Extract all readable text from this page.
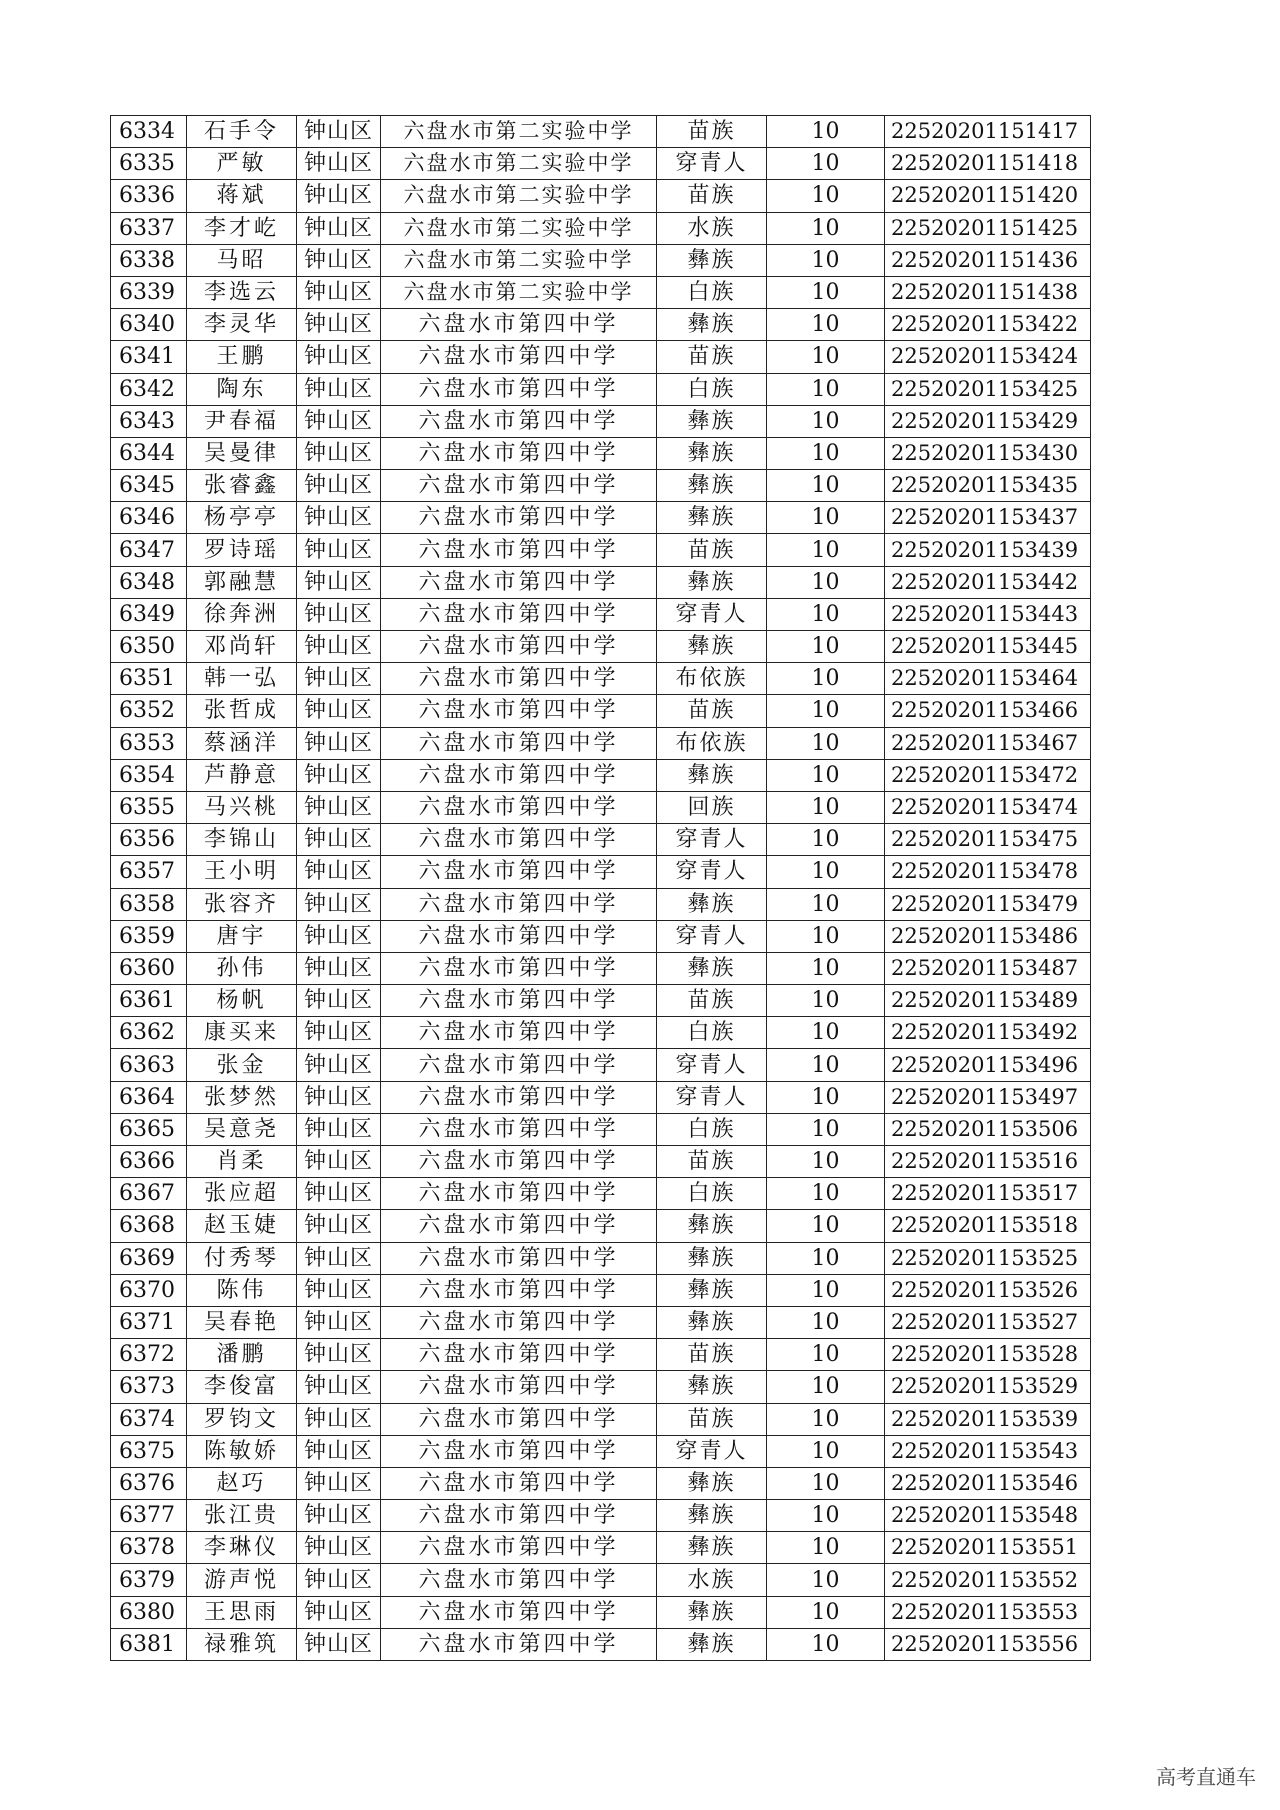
6334	石手令	钟山区	六盘水市第二实验中学	苗族	10	22520201151417
6335	严敏	钟山区	六盘水市第二实验中学	穿青人	10	22520201151418
6336	蒋斌	钟山区	六盘水市第二实验中学	苗族	10	22520201151420
6337	李才屹	钟山区	六盘水市第二实验中学	水族	10	22520201151425
6338	马昭	钟山区	六盘水市第二实验中学	彝族	10	22520201151436
6339	李选云	钟山区	六盘水市第二实验中学	白族	10	22520201151438
6340	李灵华	钟山区	六盘水市第四中学	彝族	10	22520201153422
6341	王鹏	钟山区	六盘水市第四中学	苗族	10	22520201153424
6342	陶东	钟山区	六盘水市第四中学	白族	10	22520201153425
6343	尹春福	钟山区	六盘水市第四中学	彝族	10	22520201153429
6344	吴曼律	钟山区	六盘水市第四中学	彝族	10	22520201153430
6345	张睿鑫	钟山区	六盘水市第四中学	彝族	10	22520201153435
6346	杨亭亭	钟山区	六盘水市第四中学	彝族	10	22520201153437
6347	罗诗瑶	钟山区	六盘水市第四中学	苗族	10	22520201153439
6348	郭融慧	钟山区	六盘水市第四中学	彝族	10	22520201153442
6349	徐奔洲	钟山区	六盘水市第四中学	穿青人	10	22520201153443
6350	邓尚轩	钟山区	六盘水市第四中学	彝族	10	22520201153445
6351	韩一弘	钟山区	六盘水市第四中学	布依族	10	22520201153464
6352	张哲成	钟山区	六盘水市第四中学	苗族	10	22520201153466
6353	蔡涵洋	钟山区	六盘水市第四中学	布依族	10	22520201153467
6354	芦静意	钟山区	六盘水市第四中学	彝族	10	22520201153472
6355	马兴桃	钟山区	六盘水市第四中学	回族	10	22520201153474
6356	李锦山	钟山区	六盘水市第四中学	穿青人	10	22520201153475
6357	王小明	钟山区	六盘水市第四中学	穿青人	10	22520201153478
6358	张容齐	钟山区	六盘水市第四中学	彝族	10	22520201153479
6359	唐宇	钟山区	六盘水市第四中学	穿青人	10	22520201153486
6360	孙伟	钟山区	六盘水市第四中学	彝族	10	22520201153487
6361	杨帆	钟山区	六盘水市第四中学	苗族	10	22520201153489
6362	康买来	钟山区	六盘水市第四中学	白族	10	22520201153492
6363	张金	钟山区	六盘水市第四中学	穿青人	10	22520201153496
6364	张梦然	钟山区	六盘水市第四中学	穿青人	10	22520201153497
6365	吴意尧	钟山区	六盘水市第四中学	白族	10	22520201153506
6366	肖柔	钟山区	六盘水市第四中学	苗族	10	22520201153516
6367	张应超	钟山区	六盘水市第四中学	白族	10	22520201153517
6368	赵玉婕	钟山区	六盘水市第四中学	彝族	10	22520201153518
6369	付秀琴	钟山区	六盘水市第四中学	彝族	10	22520201153525
6370	陈伟	钟山区	六盘水市第四中学	彝族	10	22520201153526
6371	吴春艳	钟山区	六盘水市第四中学	彝族	10	22520201153527
6372	潘鹏	钟山区	六盘水市第四中学	苗族	10	22520201153528
6373	李俊富	钟山区	六盘水市第四中学	彝族	10	22520201153529
6374	罗钧文	钟山区	六盘水市第四中学	苗族	10	22520201153539
6375	陈敏娇	钟山区	六盘水市第四中学	穿青人	10	22520201153543
6376	赵巧	钟山区	六盘水市第四中学	彝族	10	22520201153546
6377	张江贵	钟山区	六盘水市第四中学	彝族	10	22520201153548
6378	李琳仪	钟山区	六盘水市第四中学	彝族	10	22520201153551
6379	游声悦	钟山区	六盘水市第四中学	水族	10	22520201153552
6380	王思雨	钟山区	六盘水市第四中学	彝族	10	22520201153553
6381	禄雅筑	钟山区	六盘水市第四中学	彝族	10	22520201153556
高考直通车
